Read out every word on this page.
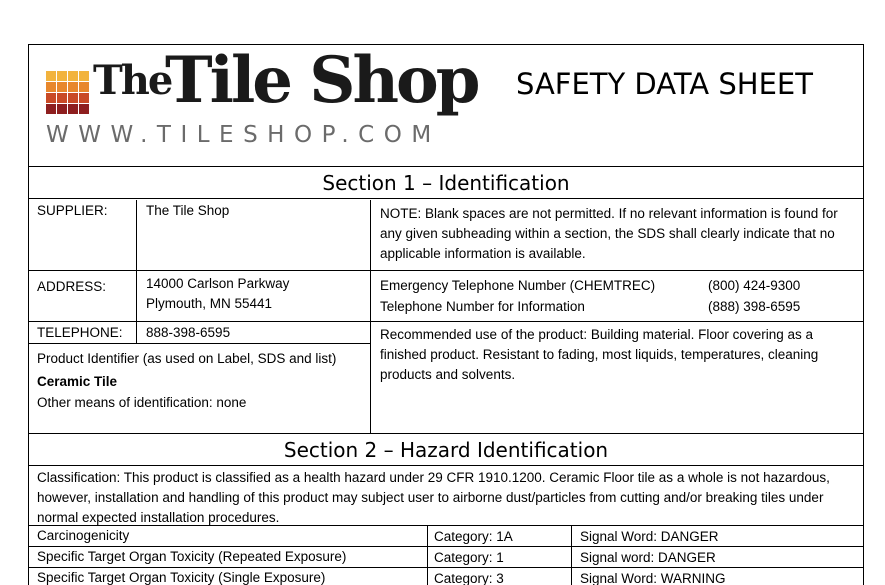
The
Tile Shop
WWW.TILESHOP.COM
SAFETY DATA SHEET
Section 1 – Identification
SUPPLIER:	The Tile Shop	NOTE: Blank spaces are not permitted. If no relevant information is found for any given subheading within a section, the SDS shall clearly indicate that no applicable information is available.
ADDRESS:	14000 Carlson Parkway
Plymouth, MN 55441
Emergency Telephone Number (CHEMTREC)	(800) 424-9300
Telephone Number for Information	(888) 398-6595
TELEPHONE:	888-398-6595	Recommended use of the product: Building material. Floor covering as a finished product. Resistant to fading, most liquids, temperatures, cleaning products and solvents.
Product Identifier (as used on Label, SDS and list)
Ceramic Tile
Other means of identification: none
Section 2 – Hazard Identification
Classification: This product is classified as a health hazard under 29 CFR 1910.1200. Ceramic Floor tile as a whole is not hazardous, however, installation and handling of this product may subject user to airborne dust/particles from cutting and/or breaking tiles under normal expected installation procedures.
Carcinogenicity	Category: 1A	Signal Word: DANGER
Specific Target Organ Toxicity (Repeated Exposure)	Category: 1	Signal word: DANGER
Specific Target Organ Toxicity (Single Exposure)	Category: 3	Signal Word: WARNING
